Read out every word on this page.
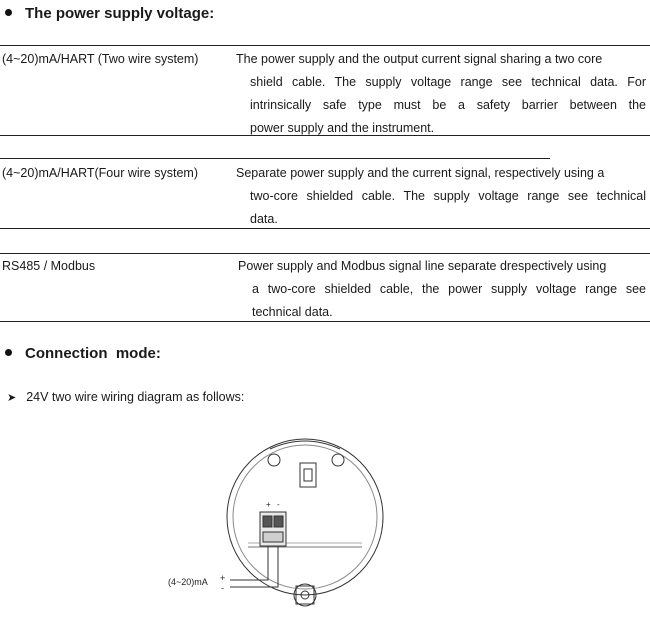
The power supply voltage:
(4~20)mA/HART (Two wire system)	The power supply and the output current signal sharing a two core
shield cable. The supply voltage range see technical data. For
intrinsically safe type must be a safety barrier between the
power supply and the instrument.
(4~20)mA/HART(Four wire system)	Separate power supply and the current signal, respectively using a
two-core shielded cable. The supply voltage range see technical
data.
RS485 / Modbus	Power supply and Modbus signal line separate drespectively using
a two-core shielded cable, the power supply voltage range see
technical data.
Connection  mode:
➤ 24V two wire wiring diagram as follows:
+ -
(4~20)mA +
-
